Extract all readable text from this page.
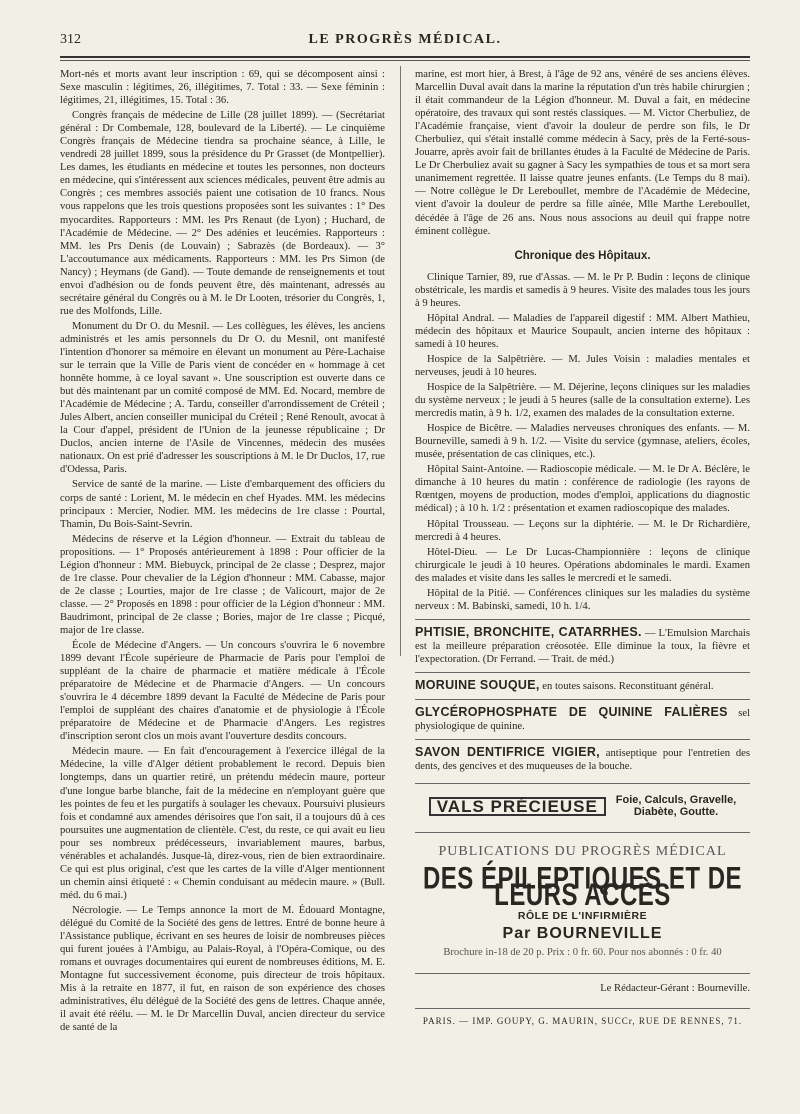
312	LE PROGRÈS MÉDICAL.

Mort-nés et morts avant leur inscription : 69, qui se décomposent ainsi : Sexe masculin : légitimes, 26, illégitimes, 7. Total : 33. — Sexe féminin : légitimes, 21, illégitimes, 15. Total : 36.

Congrès français de médecine de Lille (28 juillet 1899). — (Secrétariat général : Dr Combemale, 128, boulevard de la Liberté). — Le cinquième Congrès français de Médecine tiendra sa prochaine séance, à Lille, le vendredi 28 juillet 1899, sous la présidence du Pr Grasset (de Montpellier). Les dames, les étudiants en médecine et toutes les personnes, non docteurs en médecine, qui s'intéressent aux sciences médicales, peuvent être admis au Congrès ; ces membres associés paient une cotisation de 10 francs. Nous vous rappelons que les trois questions proposées sont les suivantes : 1° Des myocardites. Rapporteurs : MM. les Prs Renaut (de Lyon) ; Huchard, de l'Académie de Médecine. — 2° Des adénies et leucémies. Rapporteurs : MM. les Prs Denis (de Louvain) ; Sabrazès (de Bordeaux). — 3° L'accoutumance aux médicaments. Rapporteurs : MM. les Prs Simon (de Nancy) ; Heymans (de Gand). — Toute demande de renseignements et tout envoi d'adhésion ou de fonds peuvent être, dès maintenant, adressés au secrétaire général du Congrès ou à M. le Dr Looten, trésorier du Congrès, 1, rue des Molfonds, Lille.

Monument du Dr O. du Mesnil. — Les collègues, les élèves, les anciens administrés et les amis personnels du Dr O. du Mesnil, ont manifesté l'intention d'honorer sa mémoire en élevant un monument au Père-Lachaise sur le terrain que la Ville de Paris vient de concéder en « hommage à cet honnête homme, à ce loyal savant ». Une souscription est ouverte dans ce but dès maintenant par un comité composé de MM. Ed. Nocard, membre de l'Académie de Médecine ; A. Tardu, conseiller d'arrondissement de Créteil ; Jules Albert, ancien conseiller municipal du Créteil ; René Renoult, avocat à la Cour d'appel, président de l'Union de la jeunesse républicaine ; Dr Duclos, ancien interne de l'Asile de Vincennes, médecin des musées nationaux. On est prié d'adresser les souscriptions à M. le Dr Duclos, 17, rue d'Odessa, Paris.

Service de santé de la marine. — Liste d'embarquement des officiers du corps de santé : Lorient, M. le médecin en chef Hyades. MM. les médecins principaux : Mercier, Nodier. MM. les médecins de 1re classe : Pourtal, Thamin, Du Bois-Saint-Sevrin.

Médecins de réserve et la Légion d'honneur. — Extrait du tableau de propositions. — 1° Proposés antérieurement à 1898 : Pour officier de la Légion d'honneur : MM. Biebuyck, principal de 2e classe ; Desprez, major de 1re classe. Pour chevalier de la Légion d'honneur : MM. Cabasse, major de 2e classe ; Lourties, major de 1re classe ; de Valicourt, major de 2e classe. — 2° Proposés en 1898 : pour officier de la Légion d'honneur : MM. Baudrimont, principal de 2e classe ; Bories, major de 1re classe ; Picqué, major de 1re classe.

École de Médecine d'Angers. — Un concours s'ouvrira le 6 novembre 1899 devant l'École supérieure de Pharmacie de Paris pour l'emploi de suppléant de la chaire de pharmacie et matière médicale à l'École préparatoire de Médecine et de Pharmacie d'Angers. — Un concours s'ouvrira le 4 décembre 1899 devant la Faculté de Médecine de Paris pour l'emploi de suppléant des chaires d'anatomie et de physiologie à l'École préparatoire de Médecine et de Pharmacie d'Angers. Les registres d'inscription seront clos un mois avant l'ouverture desdits concours.

Médecin maure. — En fait d'encouragement à l'exercice illégal de la Médecine, la ville d'Alger détient probablement le record. Depuis bien longtemps, dans un quartier retiré, un prétendu médecin maure, porteur d'une longue barbe blanche, fait de la médecine en n'employant guère que les pointes de feu et les purgatifs à soulager les chevaux. Poursuivi plusieurs fois et condamné aux amendes dérisoires que l'on sait, il a toujours dû à ces poursuites une augmentation de clientèle. C'est, du reste, ce qui avait eu lieu pour ses nombreux prédécesseurs, invariablement maures, barbus, vénérables et achalandés. Jusque-là, direz-vous, rien de bien extraordinaire. Ce qui est plus original, c'est que les cartes de la ville d'Alger mentionnent un chemin ainsi étiqueté : « Chemin conduisant au médecin maure. » (Bull. méd. du 6 mai.)

Nécrologie. — Le Temps annonce la mort de M. Édouard Montagne, délégué du Comité de la Société des gens de lettres. Entré de bonne heure à l'Assistance publique, écrivant en ses heures de loisir de nombreuses pièces qui furent jouées à l'Ambigu, au Palais-Royal, à l'Opéra-Comique, ou des romans et ouvrages documentaires qui eurent de nombreuses éditions, M. E. Montagne fut successivement économe, puis directeur de trois hôpitaux. Mis à la retraite en 1877, il fut, en raison de son expérience des choses administratives, élu délégué de la Société des gens de lettres. Chaque année, il avait été réélu. — M. le Dr Marcellin Duval, ancien directeur du service de santé de la

marine, est mort hier, à Brest, à l'âge de 92 ans, vénéré de ses anciens élèves. Marcellin Duval avait dans la marine la réputation d'un très habile chirurgien ; il était commandeur de la Légion d'honneur. M. Duval a fait, en médecine opératoire, des travaux qui sont restés classiques. — M. Victor Cherbuliez, de l'Académie française, vient d'avoir la douleur de perdre son fils, le Dr Cherbuliez, qui s'était installé comme médecin à Sacy, près de la Ferté-sous-Jouarre, après avoir fait de brillantes études à la Faculté de Médecine de Paris. Le Dr Cherbuliez avait su gagner à Sacy les sympathies de tous et sa mort sera unanimement regrettée. Il laisse quatre jeunes enfants. (Le Temps du 8 mai). — Notre collègue le Dr Lereboullet, membre de l'Académie de Médecine, vient d'avoir la douleur de perdre sa fille aînée, Mlle Marthe Lereboullet, décédée à l'âge de 26 ans. Nous nous associons au deuil qui frappe notre éminent collègue.

Chronique des Hôpitaux.

Clinique Tarnier, 89, rue d'Assas. — M. le Pr P. Budin : leçons de clinique obstétricale, les mardis et samedis à 9 heures. Visite des malades tous les jours à 9 heures.

Hôpital Andral. — Maladies de l'appareil digestif : MM. Albert Mathieu, médecin des hôpitaux et Maurice Soupault, ancien interne des hôpitaux : samedi à 10 heures.

Hospice de la Salpêtrière. — M. Jules Voisin : maladies mentales et nerveuses, jeudi à 10 heures.

Hospice de la Salpêtrière. — M. Déjerine, leçons cliniques sur les maladies du système nerveux ; le jeudi à 5 heures (salle de la consultation externe). Les mercredis matin, à 9 h. 1/2, examen des malades de la consultation externe.

Hospice de Bicêtre. — Maladies nerveuses chroniques des enfants. — M. Bourneville, samedi à 9 h. 1/2. — Visite du service (gymnase, ateliers, écoles, musée, présentation de cas cliniques, etc.).

Hôpital Saint-Antoine. — Radioscopie médicale. — M. le Dr A. Béclère, le dimanche à 10 heures du matin : conférence de radiologie (les rayons de Rœntgen, moyens de production, modes d'emploi, applications du diagnostic médical) ; à 10 h. 1/2 : présentation et examen radioscopique des malades.

Hôpital Trousseau. — Leçons sur la diphtérie. — M. le Dr Richardière, mercredi à 4 heures.

Hôtel-Dieu. — Le Dr Lucas-Championnière : leçons de clinique chirurgicale le jeudi à 10 heures. Opérations abdominales le mardi. Examen des malades et visite dans les salles le mercredi et le samedi.

Hôpital de la Pitié. — Conférences cliniques sur les maladies du système nerveux : M. Babinski, samedi, 10 h. 1/4.

PHTISIE, BRONCHITE, CATARRHES. — L'Emulsion Marchais est la meilleure préparation créosotée. Elle diminue la toux, la fièvre et l'expectoration. (Dr Ferrand. — Trait. de méd.)
MORUINE SOUQUE, en toutes saisons. Reconstituant général.
GLYCÉROPHOSPHATE DE QUININE FALIÈRES sel physiologique de quinine.
SAVON DENTIFRICE VIGIER, antiseptique pour l'entretien des dents, des gencives et des muqueuses de la bouche.
VALS PRÉCIEUSE	Foie, Calculs, Gravelle,
Diabète, Goutte.
PUBLICATIONS DU PROGRÈS MÉDICAL
DES ÉPILEPTIQUES ET DE LEURS ACCÈS
RÔLE DE L'INFIRMIÈRE
Par BOURNEVILLE
Brochure in-18 de 20 p. Prix : 0 fr. 60. Pour nos abonnés : 0 fr. 40
Le Rédacteur-Gérant : Bourneville.
PARIS. — IMP. GOUPY, G. MAURIN, SUCCr, RUE DE RENNES, 71.
